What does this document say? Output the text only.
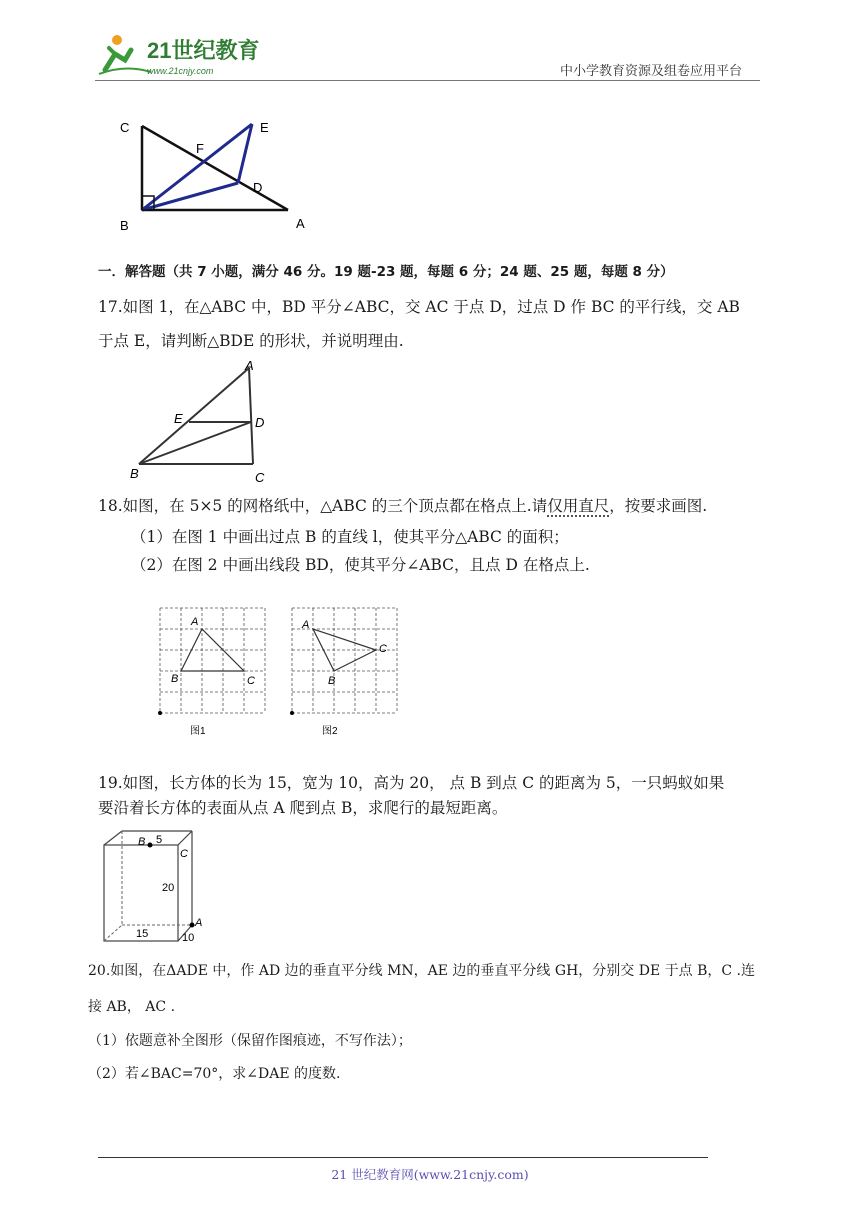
21世纪教育
www.21cnjy.com	中小学教育资源及组卷应用平台
C	E
F
D
B	A
一．解答题（共 7 小题，满分 46 分。19 题-23 题，每题 6 分；24 题、25 题，每题 8 分）
17.如图 1，在△ABC 中，BD 平分∠ABC，交 AC 于点 D，过点 D 作 BC 的平行线，交 AB
于点 E，请判断△BDE 的形状，并说明理由.
A
E	D
B	C
18.如图，在 5×5 的网格纸中，△ABC 的三个顶点都在格点上.请仅用直尺，按要求画图.
（1）在图 1 中画出过点 B 的直线 l，使其平分△ABC 的面积；
（2）在图 2 中画出线段 BD，使其平分∠ABC，且点 D 在格点上.
A
B	C
图1
A
B
C
图2
19.如图，长方体的长为 15，宽为 10，高为 20， 点 B 到点 C 的距离为 5，一只蚂蚁如果
要沿着长方体的表面从点 A 爬到点 B，求爬行的最短距离。
B 5
C
20
A
15	10
20.如图，在ΔADE 中，作 AD 边的垂直平分线 MN，AE 边的垂直平分线 GH，分别交 DE 于点 B，C .连
接 AB， AC .
（1）依题意补全图形（保留作图痕迹，不写作法）；
（2）若∠BAC=70°，求∠DAE 的度数.
21 世纪教育网(www.21cnjy.com)
